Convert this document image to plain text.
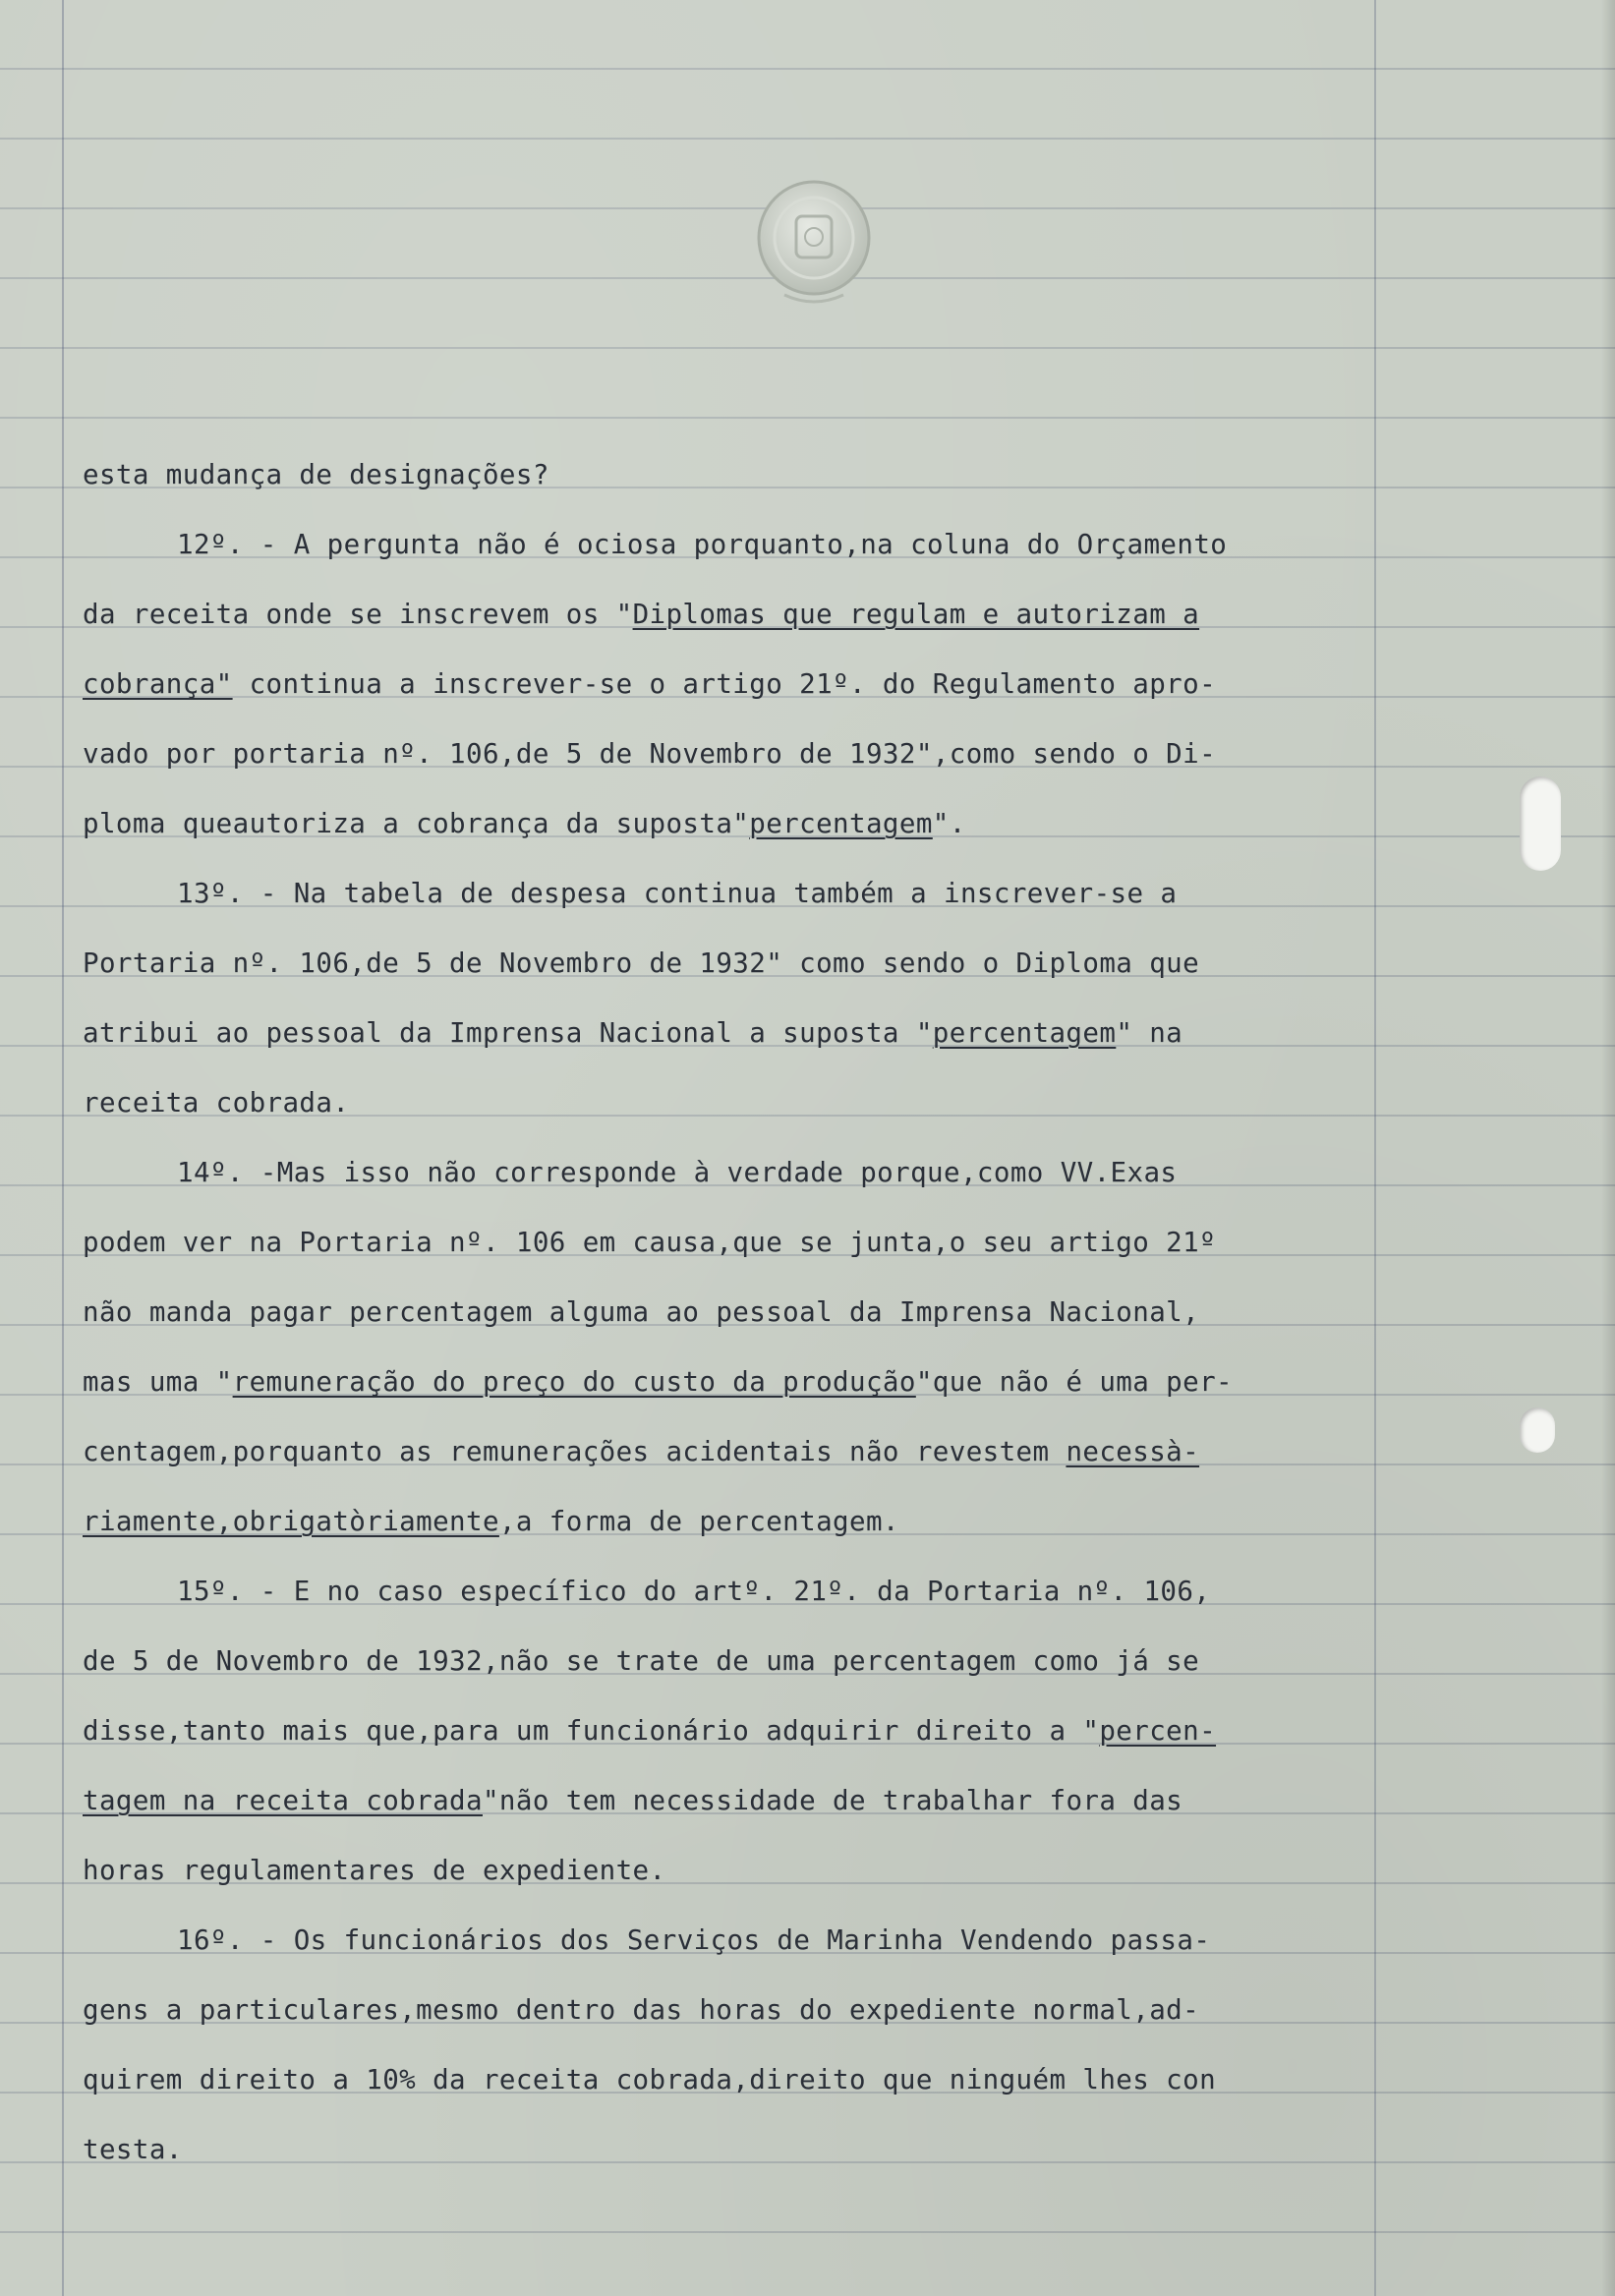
esta mudança de designações?
12º. - A pergunta não é ociosa porquanto,na coluna do Orçamento
da receita onde se inscrevem os "Diplomas que regulam e autorizam a
cobrança" continua a inscrever-se o artigo 21º. do Regulamento apro-
vado por portaria nº. 106,de 5 de Novembro de 1932",como sendo o Di-
ploma queautoriza a cobrança da suposta"percentagem".
13º. - Na tabela de despesa continua também a inscrever-se a
Portaria nº. 106,de 5 de Novembro de 1932" como sendo o Diploma que
atribui ao pessoal da Imprensa Nacional a suposta "percentagem" na
receita cobrada.
14º. -Mas isso não corresponde à verdade porque,como VV.Exas
podem ver na Portaria nº. 106 em causa,que se junta,o seu artigo 21º
não manda pagar percentagem alguma ao pessoal da Imprensa Nacional,
mas uma "remuneração do preço do custo da produção"que não é uma per-
centagem,porquanto as remunerações acidentais não revestem necessà-
riamente,obrigatòriamente,a forma de percentagem.
15º. - E no caso específico do artº. 21º. da Portaria nº. 106,
de 5 de Novembro de 1932,não se trate de uma percentagem como já se
disse,tanto mais que,para um funcionário adquirir direito a "percen-
tagem na receita cobrada"não tem necessidade de trabalhar fora das
horas regulamentares de expediente.
16º. - Os funcionários dos Serviços de Marinha Vendendo passa-
gens a particulares,mesmo dentro das horas do expediente normal,ad-
quirem direito a 10% da receita cobrada,direito que ninguém lhes con
testa.
